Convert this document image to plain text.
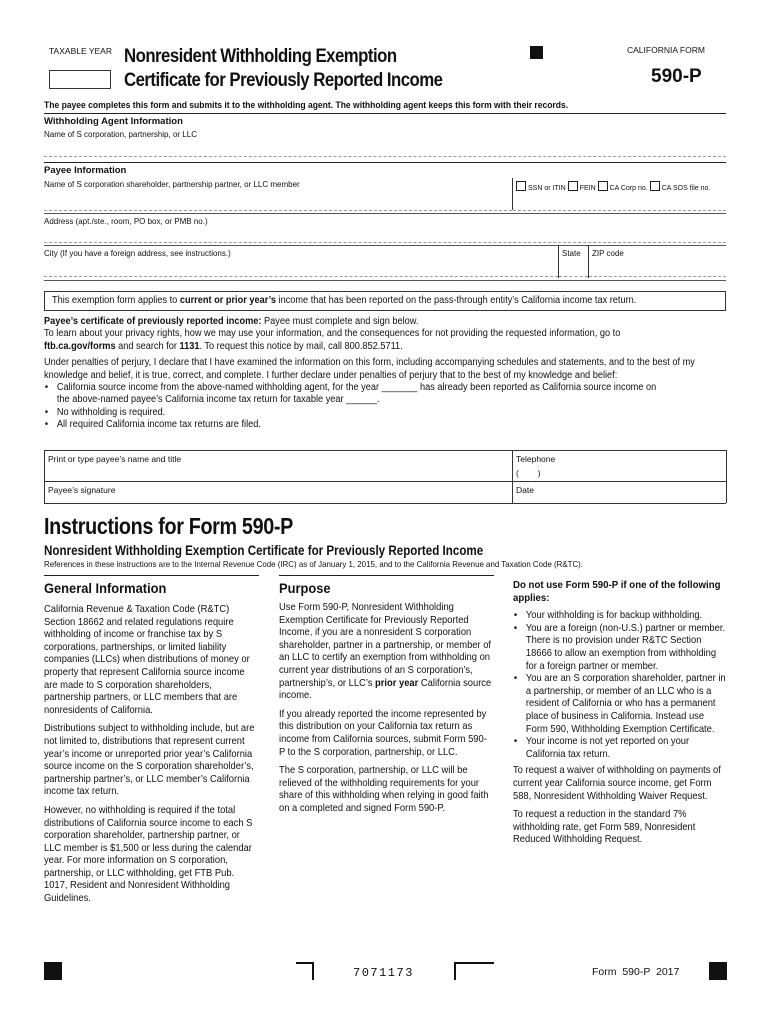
TAXABLE YEAR Nonresident Withholding Exemption
Certificate for Previously Reported Income
CALIFORNIA FORM
590-P
The payee completes this form and submits it to the withholding agent. The withholding agent keeps this form with their records.
Withholding Agent Information
Name of S corporation, partnership, or LLC
Payee Information
Name of S corporation shareholder, partnership partner, or LLC member	SSN or ITIN FEIN CA Corp no. CA SOS file no.
Address (apt./ste., room, PO box, or PMB no.)
City (If you have a foreign address, see instructions.)	State ZIP code
This exemption form applies to current or prior year’s income that has been reported on the pass-through entity’s California income tax return.
Payee’s certificate of previously reported income: Payee must complete and sign below.
To learn about your privacy rights, how we may use your information, and the consequences for not providing the requested information, go to
ftb.ca.gov/forms and search for 1131. To request this notice by mail, call 800.852.5711.
Under penalties of perjury, I declare that I have examined the information on this form, including accompanying schedules and statements, and to the best of my knowledge and belief, it is true, correct, and complete. I further declare under penalties of perjury that to the best of my knowledge and belief:
• California source income from the above-named withholding agent, for the year _______ has already been reported as California source income on
the above-named payee’s California income tax return for taxable year ______.
• No withholding is required.
• All required California income tax returns are filed.
Print or type payee’s name and title	Telephone
(        )
Payee’s signature	Date
Instructions for Form 590-P
Nonresident Withholding Exemption Certificate for Previously Reported Income
References in these instructions are to the Internal Revenue Code (IRC) as of January 1, 2015, and to the California Revenue and Taxation Code (R&TC).
General Information

California Revenue & Taxation Code (R&TC) Section 18662 and related regulations require withholding of income or franchise tax by S corporations, partnerships, or limited liability companies (LLCs) when distributions of money or property that represent California source income are made to S corporation shareholders, partnership partners, or LLC members that are nonresidents of California.

Distributions subject to withholding include, but are not limited to, distributions that represent current year’s income or unreported prior year’s California source income on the S corporation shareholder’s, partnership partner’s, or LLC member’s California income tax return.

However, no withholding is required if the total distributions of California source income to each S corporation shareholder, partnership partner, or LLC member is $1,500 or less during the calendar year. For more information on S corporation, partnership, or LLC withholding, get FTB Pub. 1017, Resident and Nonresident Withholding Guidelines.

Purpose

Use Form 590-P, Nonresident Withholding Exemption Certificate for Previously Reported Income, if you are a nonresident S corporation shareholder, partner in a partnership, or member of an LLC to certify an exemption from withholding on current year distributions of an S corporation’s, partnership’s, or LLC’s prior year California source income.

If you already reported the income represented by this distribution on your California tax return as income from California sources, submit Form 590-P to the S corporation, partnership, or LLC.

The S corporation, partnership, or LLC will be relieved of the withholding requirements for your share of this withholding when relying in good faith on a completed and signed Form 590-P.

Do not use Form 590-P if one of the following applies:
• Your withholding is for backup withholding.
• You are a foreign (non-U.S.) partner or member. There is no provision under R&TC Section 18666 to allow an exemption from withholding for a foreign partner or member.
• You are an S corporation shareholder, partner in a partnership, or member of an LLC who is a resident of California or who has a permanent place of business in California. Instead use Form 590, Withholding Exemption Certificate.
• Your income is not yet reported on your California tax return.

To request a waiver of withholding on payments of current year California source income, get Form 588, Nonresident Withholding Waiver Request.

To request a reduction in the standard 7% withholding rate, get Form 589, Nonresident Reduced Withholding Request.

7071173	Form  590-P  2017
